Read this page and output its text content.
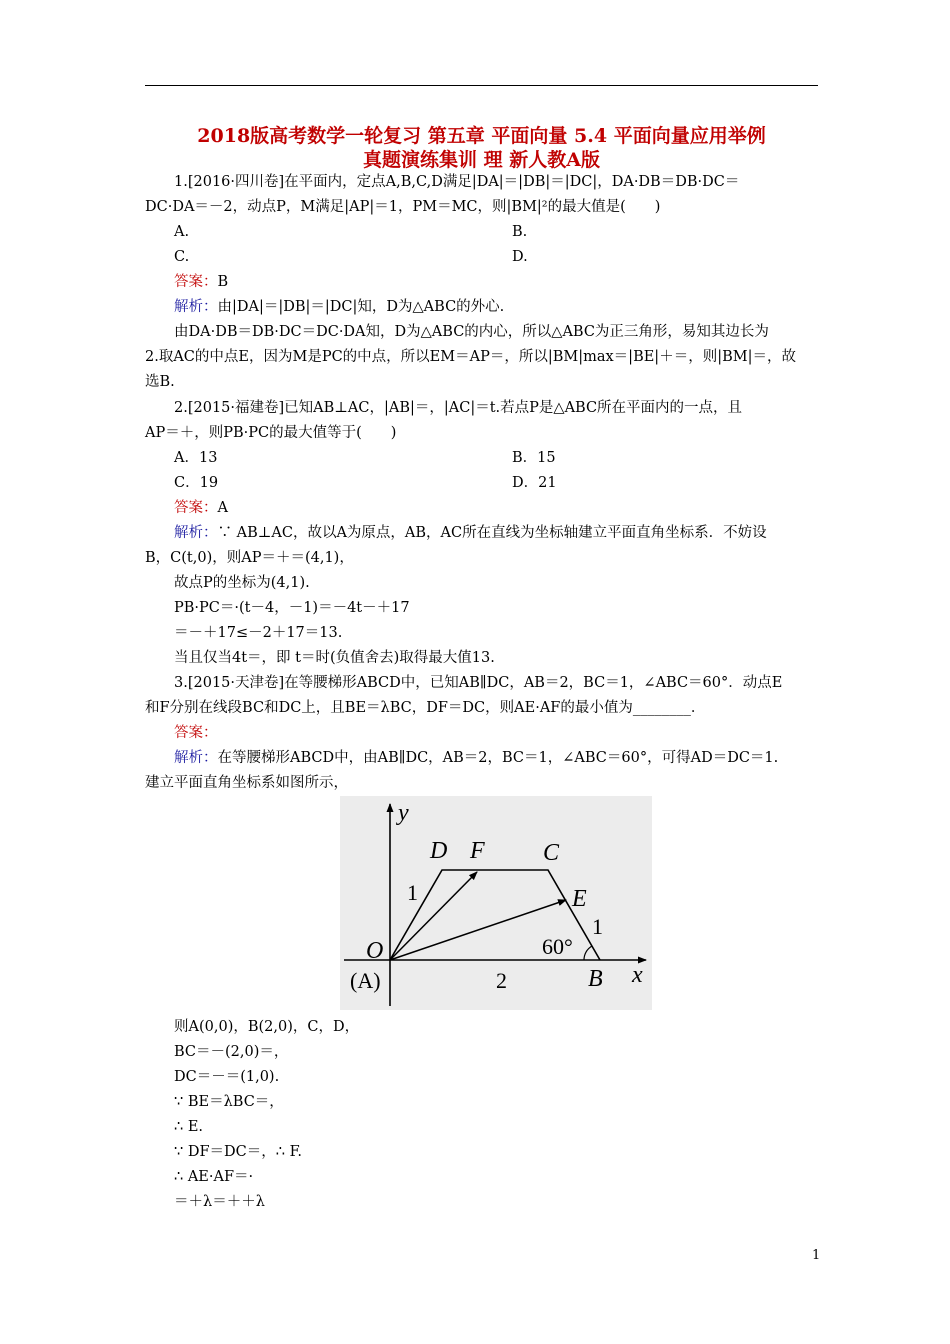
2018版高考数学一轮复习 第五章 平面向量 5.4 平面向量应用举例
真题演练集训 理 新人教A版
1.[2016·四川卷]在平面内，定点A,B,C,D满足|DA|＝|DB|＝|DC|，DA·DB＝DB·DC＝
DC·DA＝－2，动点P，M满足|AP|＝1，PM＝MC，则|BM|²的最大值是(　　)
A.	B.
C.	D.
答案：B
解析：由|DA|＝|DB|＝|DC|知，D为△ABC的外心.
由DA·DB＝DB·DC＝DC·DA知，D为△ABC的内心，所以△ABC为正三角形，易知其边长为
2.取AC的中点E，因为M是PC的中点，所以EM＝AP＝，所以|BM|max＝|BE|＋＝，则|BM|＝，故
选B.
2.[2015·福建卷]已知AB⊥AC，|AB|＝，|AC|＝t.若点P是△ABC所在平面内的一点，且
AP＝＋，则PB·PC的最大值等于(　　)
A．13	B．15
C．19	D．21
答案：A
解析：∵ AB⊥AC，故以A为原点，AB，AC所在直线为坐标轴建立平面直角坐标系．不妨设
B，C(t,0)，则AP＝＋＝(4,1)，
故点P的坐标为(4,1).
PB·PC＝·(t－4，－1)＝－4t－＋17
＝－＋17≤－2＋17＝13.
当且仅当4t＝，即 t＝时(负值舍去)取得最大值13.
3.[2015·天津卷]在等腰梯形ABCD中，已知AB∥DC，AB＝2，BC＝1，∠ABC＝60°．动点E
和F分别在线段BC和DC上，且BE＝λBC，DF＝DC，则AE·AF的最小值为________．
答案：
解析：在等腰梯形ABCD中，由AB∥DC，AB＝2，BC＝1，∠ABC＝60°，可得AD＝DC＝1.
建立平面直角坐标系如图所示，
y
D F C
E
O
B x
(A)
1
1
2
60°
则A(0,0)，B(2,0)，C，D，
BC＝－(2,0)＝，
DC＝－＝(1,0).
∵ BE＝λBC＝，
∴ E.
∵ DF＝DC＝，∴ F.
∴ AE·AF＝·
＝＋λ＝＋＋λ
1
